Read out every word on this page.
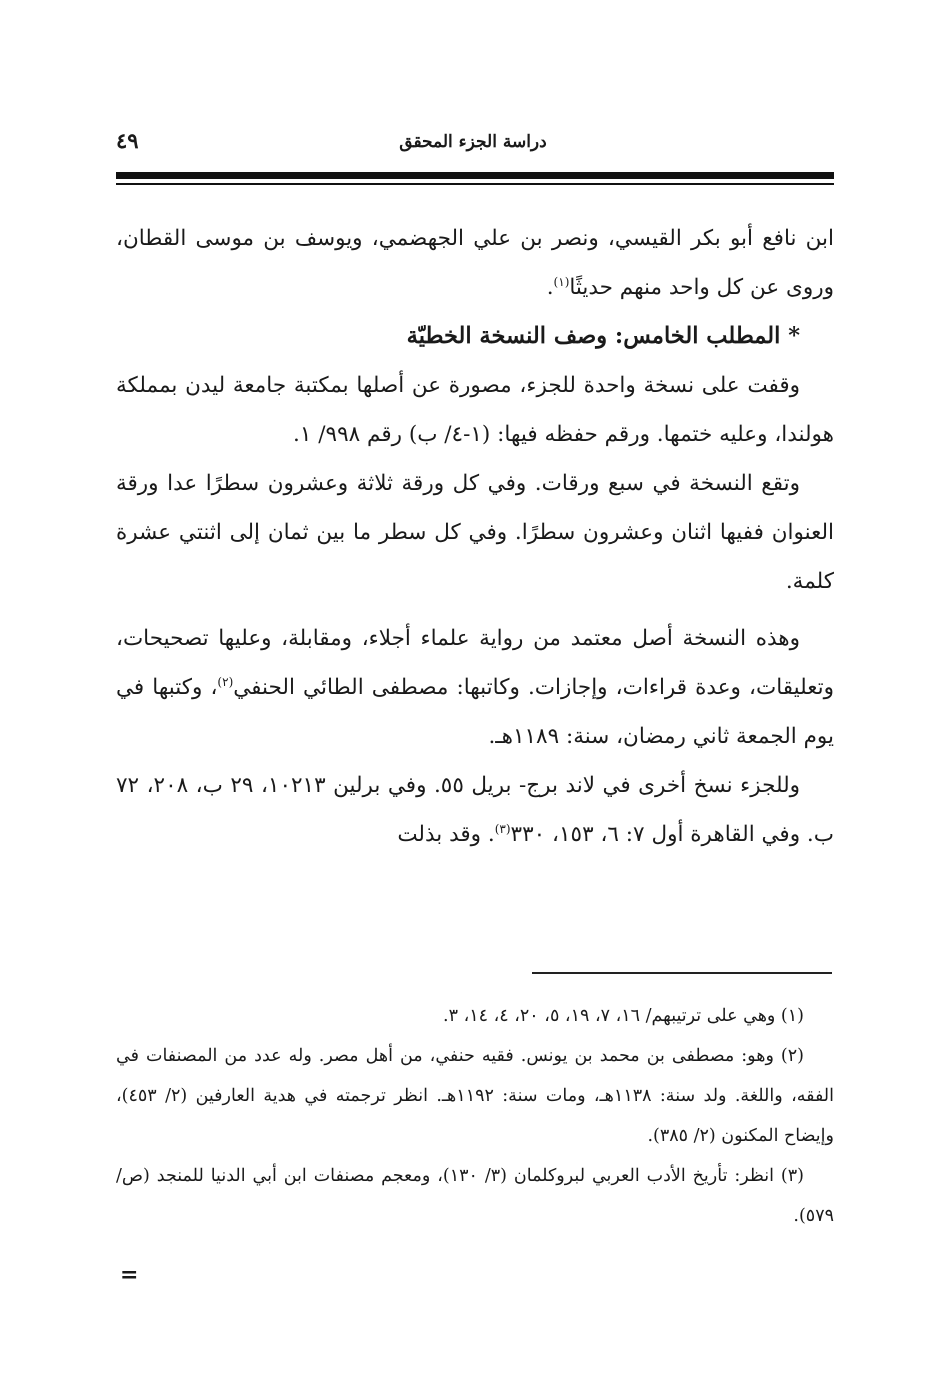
دراسة الجزء المحقق
٤٩

ابن نافع أبو بكر القيسي، ونصر بن علي الجهضمي، ويوسف بن موسى القطان، وروى عن كل واحد منهم حديثًا$^{(١)}$.

* المطلب الخامس: وصف النسخة الخطيّة

وقفت على نسخة واحدة للجزء، مصورة عن أصلها بمكتبة جامعة ليدن بمملكة هولندا، وعليه ختمها. ورقم حفظه فيها: (١-٤/ ب) رقم ٩٩٨/ ١.

وتقع النسخة في سبع ورقات. وفي كل ورقة ثلاثة وعشرون سطرًا عدا ورقة العنوان ففيها اثنان وعشرون سطرًا. وفي كل سطر ما بين ثمان إلى اثنتي عشرة كلمة.

وهذه النسخة أصل معتمد من رواية علماء أجلاء، ومقابلة، وعليها تصحيحات، وتعليقات، وعدة قراءات، وإجازات. وكاتبها: مصطفى الطائي الحنفي$^{(٢)}$، وكتبها في يوم الجمعة ثاني رمضان، سنة: ١١٨٩هـ.

وللجزء نسخ أخرى في لاند برج- بريل ٥٥. وفي برلين ١٠٢١٣، ٢٩ ب، ٢٠٨، ٧٢ ب. وفي القاهرة أول ٧: ٦، ١٥٣، ٣٣٠$^{(٣)}$. وقد بذلت

(١) وهي على ترتيبهم/ ١٦، ٧، ١٩، ٥، ٢٠، ٤، ١٤، ٣.

(٢) وهو: مصطفى بن محمد بن يونس. فقيه حنفي، من أهل مصر. وله عدد من المصنفات في الفقه، واللغة. ولد سنة: ١١٣٨هـ، ومات سنة: ١١٩٢هـ. انظر ترجمته في هدية العارفين (٢/ ٤٥٣)، وإيضاح المكنون (٢/ ٣٨٥).

(٣) انظر: تأريخ الأدب العربي لبروكلمان (٣/ ١٣٠)، ومعجم مصنفات ابن أبي الدنيا للمنجد (ص/ ٥٧٩).

=
